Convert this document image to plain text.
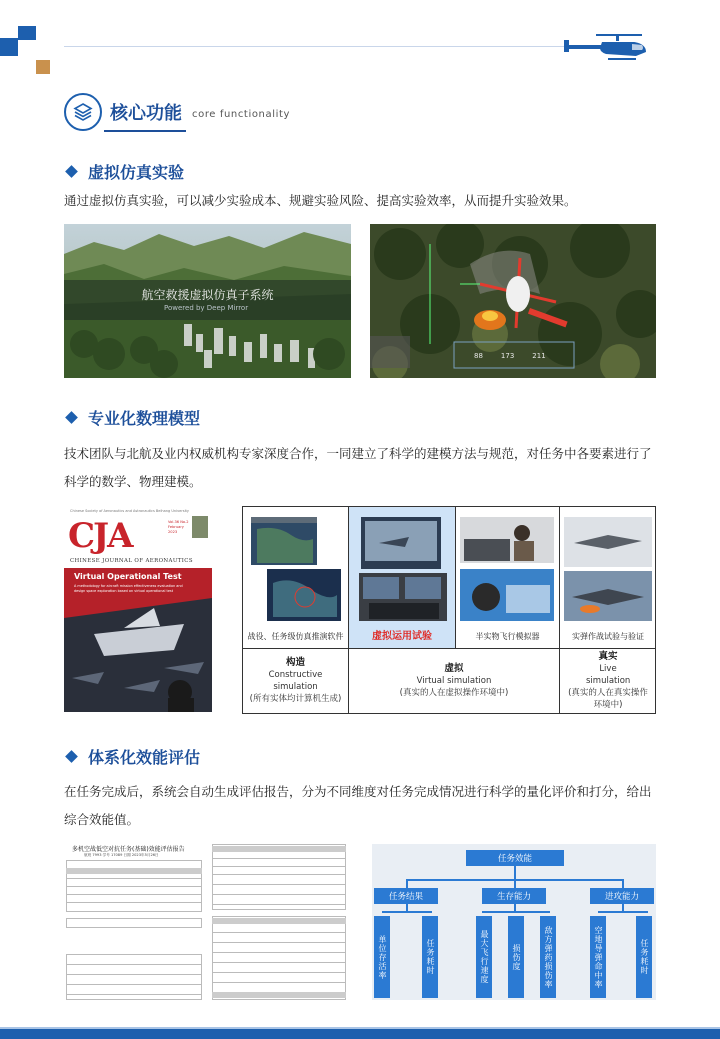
核心功能 core functionality
虚拟仿真实验

通过虚拟仿真实验，可以减少实验成本、规避实验风险、提高实验效率，从而提升实验效果。

航空救援虚拟仿真子系统
Powered by Deep Mirror
88	173	211
专业化数理模型

技术团队与北航及业内权威机构专家深度合作，一同建立了科学的建模方法与规范，对任务中各要素进行了科学的数学、物理建模。

Chinese Society of Aeronautics and Astronautics Beihang University
CJA	Vol.36 No.2 February 2023
CHINESE JOURNAL OF AERONAUTICS
Virtual Operational Test
A methodology for aircraft mission effectiveness evaluation and design space exploration based on virtual operational test
战役、任务级仿真推演软件	虚拟运用试验	半实物飞行模拟器	实弹作战试验与验证
构造
Constructive simulation
(所有实体均计算机生成)
虚拟
Virtual simulation
(真实的人在虚拟操作环境中)
真实
Live simulation
(真实的人在真实操作环境中)
体系化效能评估

在任务完成后，系统会自动生成评估报告，分为不同维度对任务完成情况进行科学的量化评价和打分，给出综合效能值。

多机空战低空对抗任务(基础)效能评估报告
航班 7993 学号 17089 日期 2023年5月26日	任务效能
任务结果	生存能力	进攻能力
单位存活率	任务耗时	最大飞行速度	损伤度	敌方弹药损伤率	空地导弹命中率	任务耗时
